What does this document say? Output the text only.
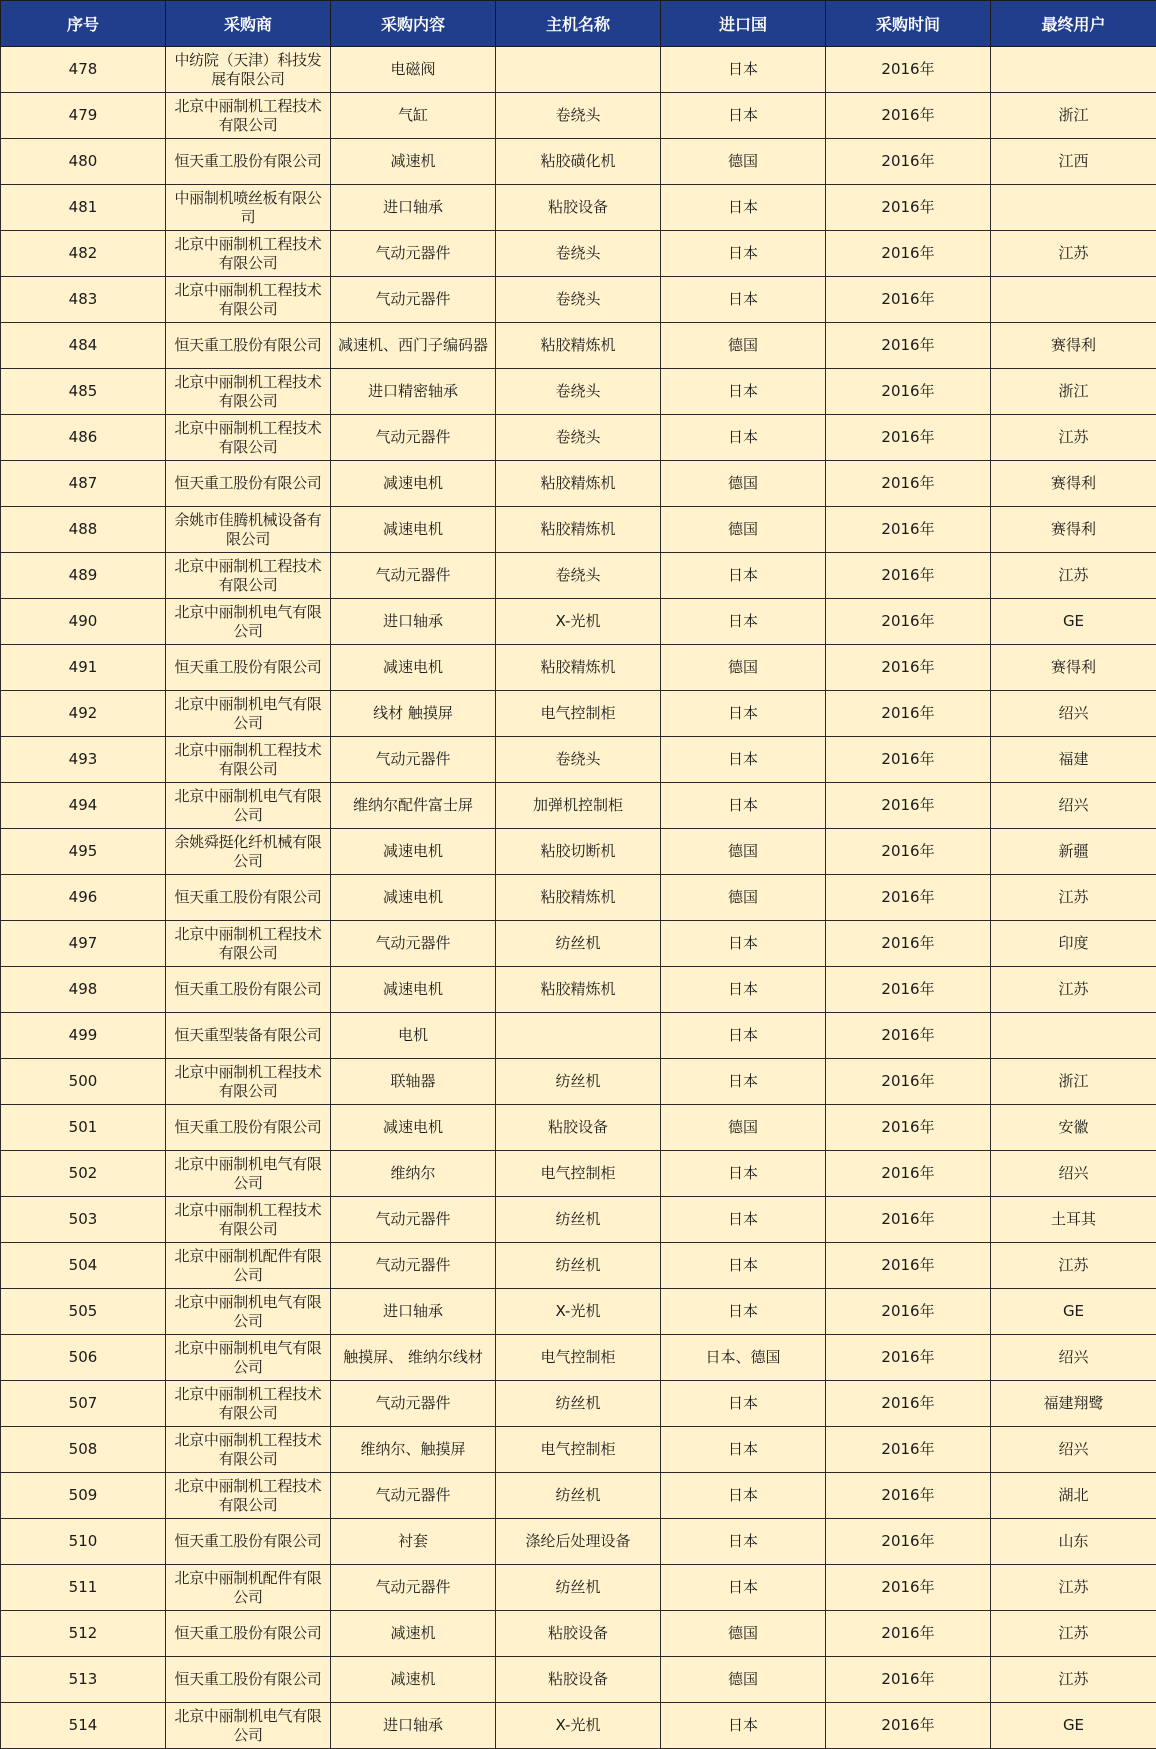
序号	采购商	采购内容	主机名称	进口国	采购时间	最终用户
478	中纺院（天津）科技发展有限公司	电磁阀		日本	2016年	
479	北京中丽制机工程技术有限公司	气缸	卷绕头	日本	2016年	浙江
480	恒天重工股份有限公司	减速机	粘胶磺化机	德国	2016年	江西
481	中丽制机喷丝板有限公司	进口轴承	粘胶设备	日本	2016年	
482	北京中丽制机工程技术有限公司	气动元器件	卷绕头	日本	2016年	江苏
483	北京中丽制机工程技术有限公司	气动元器件	卷绕头	日本	2016年	
484	恒天重工股份有限公司	减速机、西门子编码器	粘胶精炼机	德国	2016年	赛得利
485	北京中丽制机工程技术有限公司	进口精密轴承	卷绕头	日本	2016年	浙江
486	北京中丽制机工程技术有限公司	气动元器件	卷绕头	日本	2016年	江苏
487	恒天重工股份有限公司	减速电机	粘胶精炼机	德国	2016年	赛得利
488	余姚市佳腾机械设备有限公司	减速电机	粘胶精炼机	德国	2016年	赛得利
489	北京中丽制机工程技术有限公司	气动元器件	卷绕头	日本	2016年	江苏
490	北京中丽制机电气有限公司	进口轴承	X-光机	日本	2016年	GE
491	恒天重工股份有限公司	减速电机	粘胶精炼机	德国	2016年	赛得利
492	北京中丽制机电气有限公司	线材 触摸屏	电气控制柜	日本	2016年	绍兴
493	北京中丽制机工程技术有限公司	气动元器件	卷绕头	日本	2016年	福建
494	北京中丽制机电气有限公司	维纳尔配件富士屏	加弹机控制柜	日本	2016年	绍兴
495	余姚舜挺化纤机械有限公司	减速电机	粘胶切断机	德国	2016年	新疆
496	恒天重工股份有限公司	减速电机	粘胶精炼机	德国	2016年	江苏
497	北京中丽制机工程技术有限公司	气动元器件	纺丝机	日本	2016年	印度
498	恒天重工股份有限公司	减速电机	粘胶精炼机	日本	2016年	江苏
499	恒天重型装备有限公司	电机		日本	2016年	
500	北京中丽制机工程技术有限公司	联轴器	纺丝机	日本	2016年	浙江
501	恒天重工股份有限公司	减速电机	粘胶设备	德国	2016年	安徽
502	北京中丽制机电气有限公司	维纳尔	电气控制柜	日本	2016年	绍兴
503	北京中丽制机工程技术有限公司	气动元器件	纺丝机	日本	2016年	土耳其
504	北京中丽制机配件有限公司	气动元器件	纺丝机	日本	2016年	江苏
505	北京中丽制机电气有限公司	进口轴承	X-光机	日本	2016年	GE
506	北京中丽制机电气有限公司	触摸屏、 维纳尔线材	电气控制柜	日本、德国	2016年	绍兴
507	北京中丽制机工程技术有限公司	气动元器件	纺丝机	日本	2016年	福建翔鹭
508	北京中丽制机工程技术有限公司	维纳尔、触摸屏	电气控制柜	日本	2016年	绍兴
509	北京中丽制机工程技术有限公司	气动元器件	纺丝机	日本	2016年	湖北
510	恒天重工股份有限公司	衬套	涤纶后处理设备	日本	2016年	山东
511	北京中丽制机配件有限公司	气动元器件	纺丝机	日本	2016年	江苏
512	恒天重工股份有限公司	减速机	粘胶设备	德国	2016年	江苏
513	恒天重工股份有限公司	减速机	粘胶设备	德国	2016年	江苏
514	北京中丽制机电气有限公司	进口轴承	X-光机	日本	2016年	GE
